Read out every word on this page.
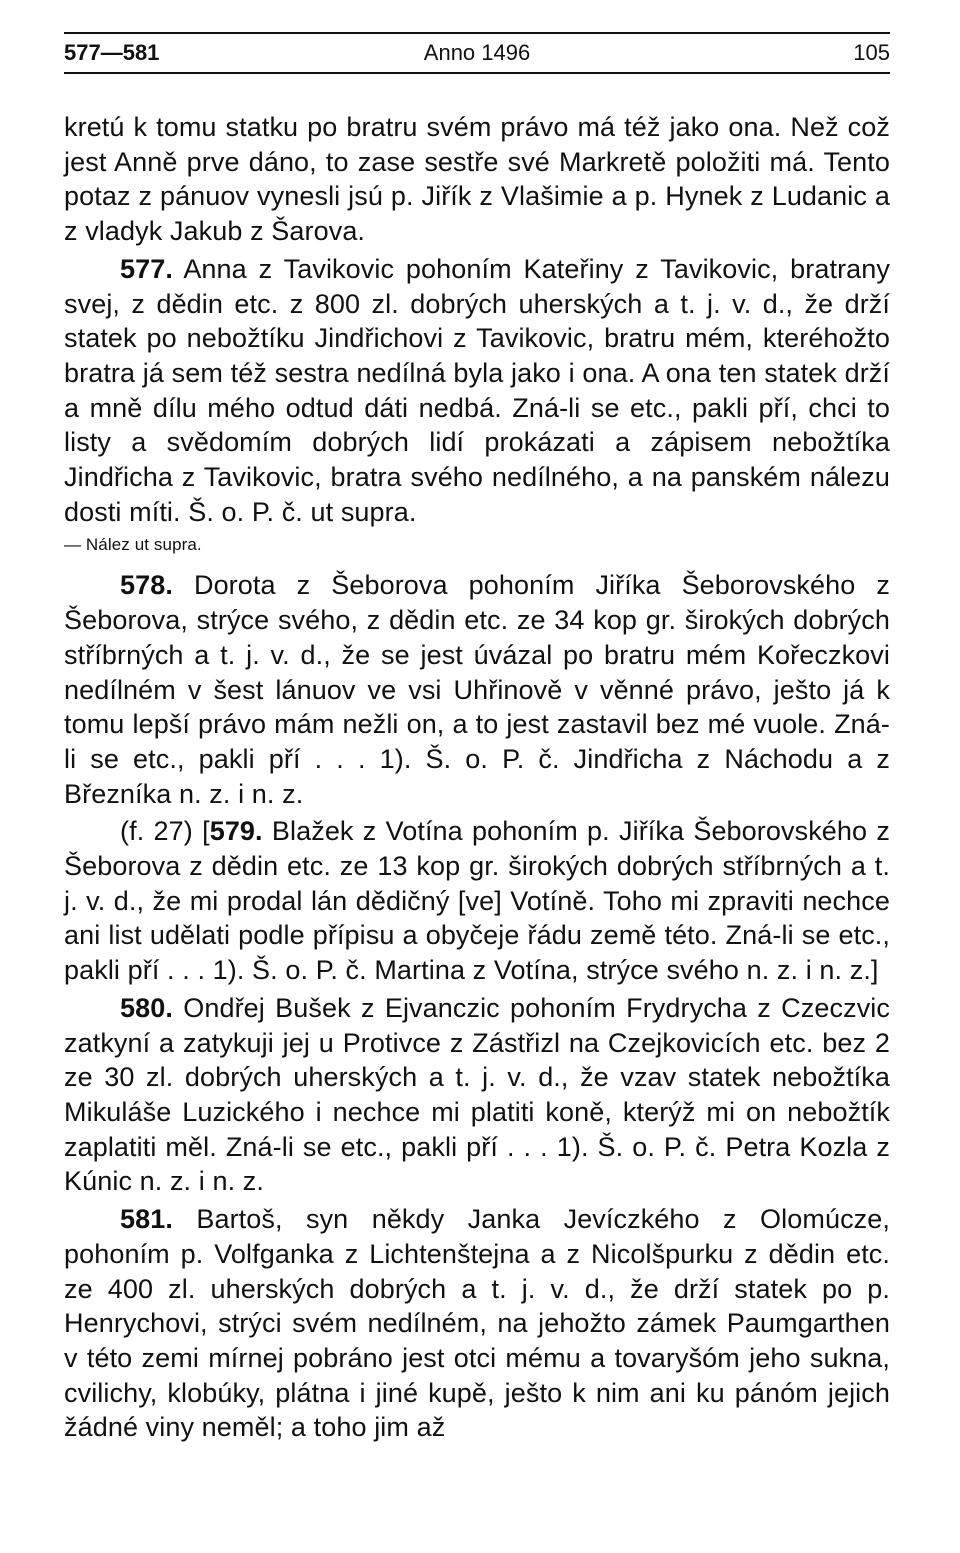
577—581	Anno 1496	105

kretú k tomu statku po bratru svém právo má též jako ona. Než což jest Anně prve dáno, to zase sestře své Markretě položiti má. Tento potaz z pánuov vynesli jsú p. Jiřík z Vlašimie a p. Hynek z Ludanic a z vladyk Jakub z Šarova.

577. Anna z Tavikovic pohoním Kateřiny z Tavikovic, bratrany svej, z dědin etc. z 800 zl. dobrých uherských a t. j. v. d., že drží statek po nebožtíku Jindřichovi z Tavikovic, bratru mém, kteréhožto bratra já sem též sestra nedílná byla jako i ona. A ona ten statek drží a mně dílu mého odtud dáti nedbá. Zná-li se etc., pakli pří, chci to listy a svědomím dobrých lidí prokázati a zápisem nebožtíka Jindřicha z Tavikovic, bratra svého nedílného, a na panském nálezu dosti míti. Š. o. P. č. ut supra.

— Nález ut supra.

578. Dorota z Šeborova pohoním Jiříka Šeborovského z Šeborova, strýce svého, z dědin etc. ze 34 kop gr. širokých dobrých stříbrných a t. j. v. d., že se jest úvázal po bratru mém Kořeczkovi nedílném v šest lánuov ve vsi Uhřinově v věnné právo, ješto já k tomu lepší právo mám nežli on, a to jest zastavil bez mé vuole. Zná-li se etc., pakli pří . . . 1). Š. o. P. č. Jindřicha z Náchodu a z Březníka n. z. i n. z.

(f. 27) [579. Blažek z Votína pohoním p. Jiříka Šeborovského z Šeborova z dědin etc. ze 13 kop gr. širokých dobrých stříbrných a t. j. v. d., že mi prodal lán dědičný [ve] Votíně. Toho mi zpraviti nechce ani list udělati podle přípisu a obyčeje řádu země této. Zná-li se etc., pakli pří . . . 1). Š. o. P. č. Martina z Votína, strýce svého n. z. i n. z.]

580. Ondřej Bušek z Ejvanczic pohoním Frydrycha z Czeczvic zatkyní a zatykuji jej u Protivce z Zástřizl na Czejkovicích etc. bez 2 ze 30 zl. dobrých uherských a t. j. v. d., že vzav statek nebožtíka Mikuláše Luzického i nechce mi platiti koně, kterýž mi on nebožtík zaplatiti měl. Zná-li se etc., pakli pří . . . 1). Š. o. P. č. Petra Kozla z Kúnic n. z. i n. z.

581. Bartoš, syn někdy Janka Jevíczkého z Olomúcze, pohoním p. Volfganka z Lichtenštejna a z Nicolšpurku z dědin etc. ze 400 zl. uherských dobrých a t. j. v. d., že drží statek po p. Henrychovi, strýci svém nedílném, na jehožto zámek Paumgarthen v této zemi mírnej pobráno jest otci mému a tovaryšóm jeho sukna, cvilichy, klobúky, plátna i jiné kupě, ješto k nim ani ku pánóm jejich žádné viny neměl; a toho jim až
